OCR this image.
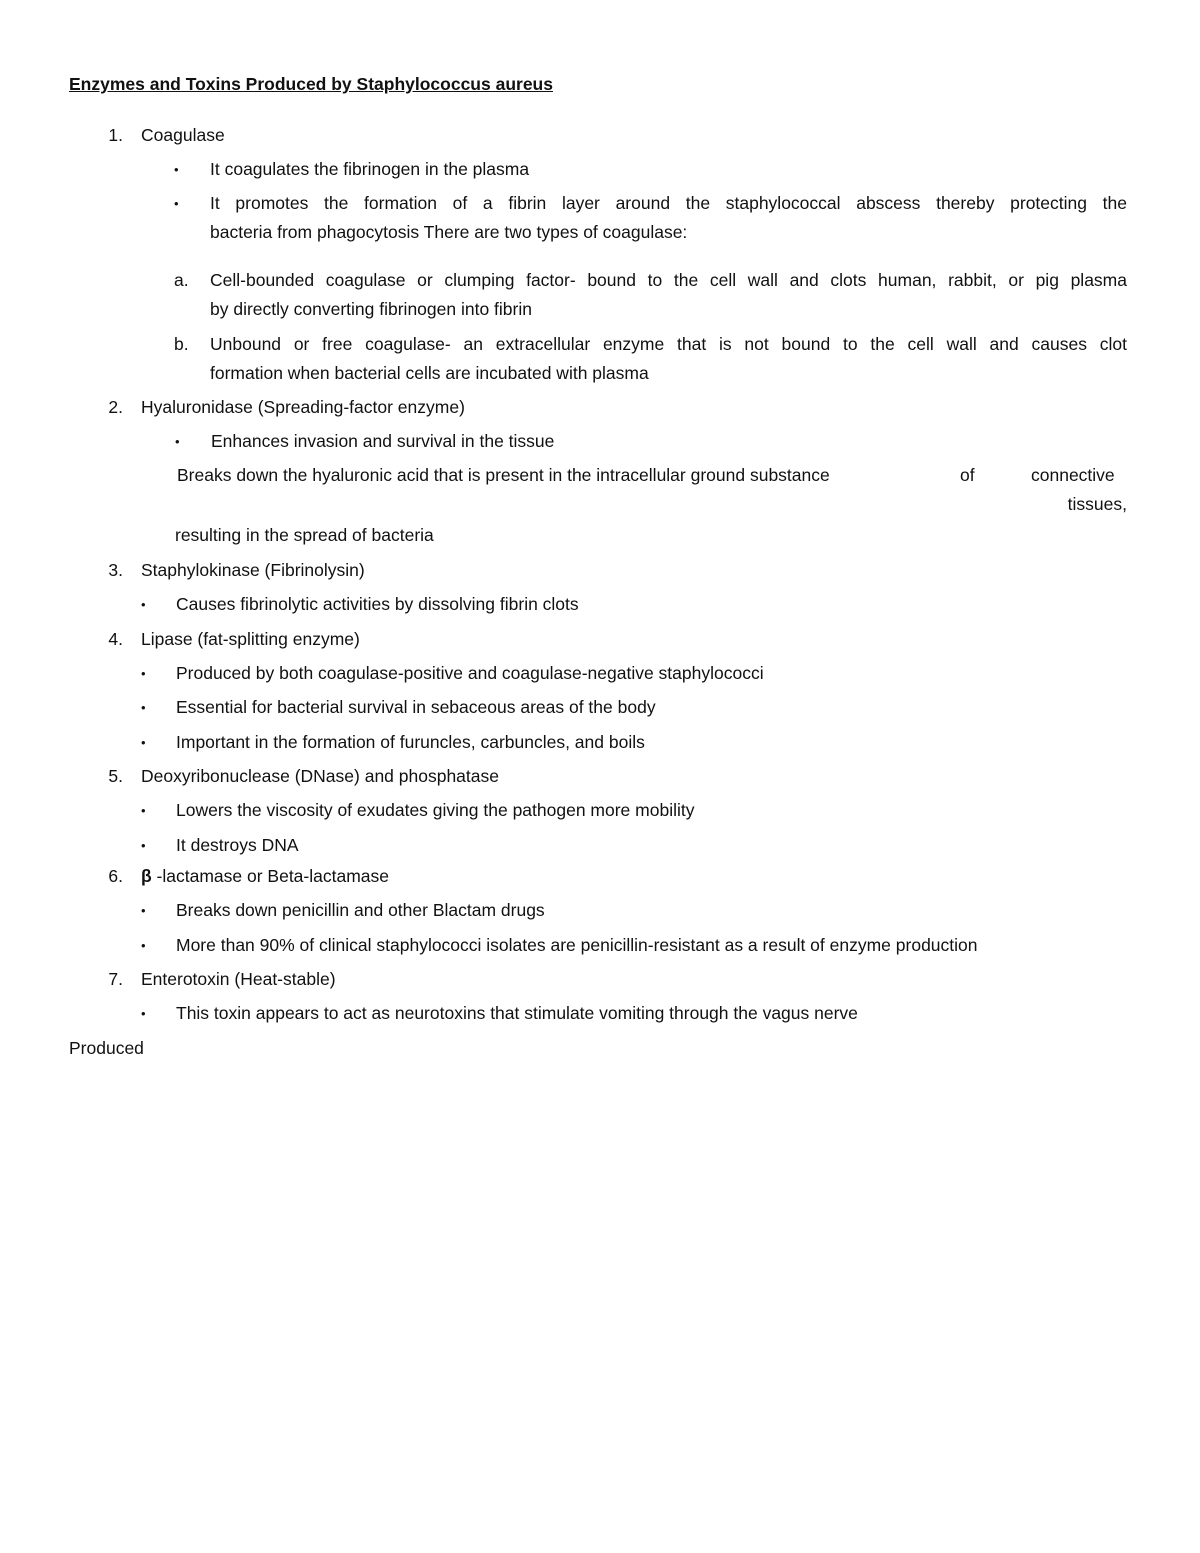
Enzymes and Toxins Produced by Staphylococcus aureus
1. Coagulase
•	It coagulates the fibrinogen in the plasma
•	It promotes the formation of a fibrin layer around the staphylococcal abscess thereby protecting the
bacteria from phagocytosis There are two types of coagulase:
a. Cell-bounded coagulase or clumping factor- bound to the cell wall and clots human, rabbit, or pig plasma
by directly converting fibrinogen into fibrin
b. Unbound or free coagulase- an extracellular enzyme that is not bound to the cell wall and causes clot
formation when bacterial cells are incubated with plasma
2. Hyaluronidase (Spreading-factor enzyme)
•	Enhances invasion and survival in the tissue
Breaks down the hyaluronic acid that is present in the intracellular ground substance	of	connective
tissues,
resulting in the spread of bacteria
3. Staphylokinase (Fibrinolysin)
•	Causes fibrinolytic activities by dissolving fibrin clots
4. Lipase (fat-splitting enzyme)
•	Produced by both coagulase-positive and coagulase-negative staphylococci
•	Essential for bacterial survival in sebaceous areas of the body
•	Important in the formation of furuncles, carbuncles, and boils
5. Deoxyribonuclease (DNase) and phosphatase
•	Lowers the viscosity of exudates giving the pathogen more mobility
•	It destroys DNA
6. β -lactamase or Beta-lactamase
•	Breaks down penicillin and other Blactam drugs
•	More than 90% of clinical staphylococci isolates are penicillin-resistant as a result of enzyme production
7. Enterotoxin (Heat-stable)
•	This toxin appears to act as neurotoxins that stimulate vomiting through the vagus nerve
Produced
